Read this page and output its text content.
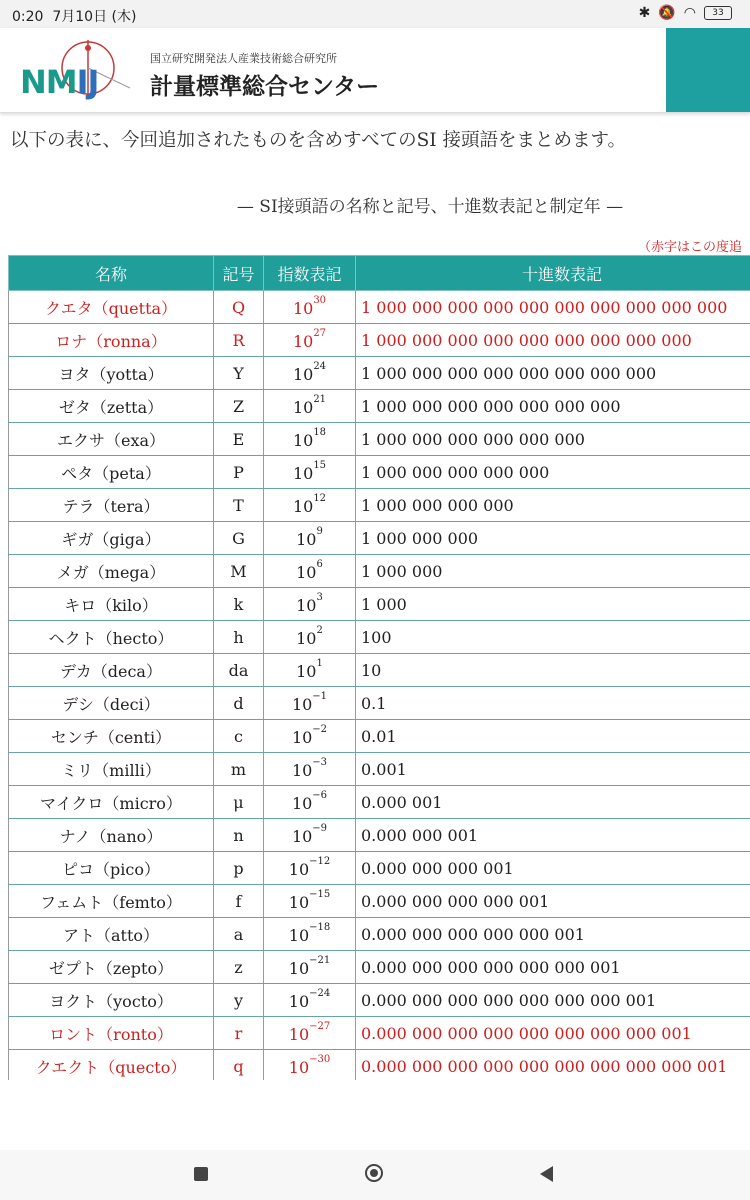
0:20 7月10日 (木)	✱ 🔕 ◠	33
NMIJ
国立研究開発法人産業技術総合研究所
計量標準総合センター
以下の表に、今回追加されたものを含めすべてのSI 接頭語をまとめます。
— SI接頭語の名称と記号、十進数表記と制定年 —
（赤字はこの度追
名称	記号	指数表記	十進数表記
クエタ（quetta）	Q	$10^{30}$	1 000 000 000 000 000 000 000 000 000 000
ロナ（ronna）	R	$10^{27}$	1 000 000 000 000 000 000 000 000 000
ヨタ（yotta）	Y	$10^{24}$	1 000 000 000 000 000 000 000 000
ゼタ（zetta）	Z	$10^{21}$	1 000 000 000 000 000 000 000
エクサ（exa）	E	$10^{18}$	1 000 000 000 000 000 000
ペタ（peta）	P	$10^{15}$	1 000 000 000 000 000
テラ（tera）	T	$10^{12}$	1 000 000 000 000
ギガ（giga）	G	$10^9$	1 000 000 000
メガ（mega）	M	$10^6$	1 000 000
キロ（kilo）	k	$10^3$	1 000
ヘクト（hecto）	h	$10^2$	100
デカ（deca）	da	$10^1$	10
デシ（deci）	d	$10^{-1}$	0.1
センチ（centi）	c	$10^{-2}$	0.01
ミリ（milli）	m	$10^{-3}$	0.001
マイクロ（micro）	μ	$10^{-6}$	0.000 001
ナノ（nano）	n	$10^{-9}$	0.000 000 001
ピコ（pico）	p	$10^{-12}$	0.000 000 000 001
フェムト（femto）	f	$10^{-15}$	0.000 000 000 000 001
アト（atto）	a	$10^{-18}$	0.000 000 000 000 000 001
ゼプト（zepto）	z	$10^{-21}$	0.000 000 000 000 000 000 001
ヨクト（yocto）	y	$10^{-24}$	0.000 000 000 000 000 000 000 001
ロント（ronto）	r	$10^{-27}$	0.000 000 000 000 000 000 000 000 001
クエクト（quecto）	q	$10^{-30}$	0.000 000 000 000 000 000 000 000 000 001
